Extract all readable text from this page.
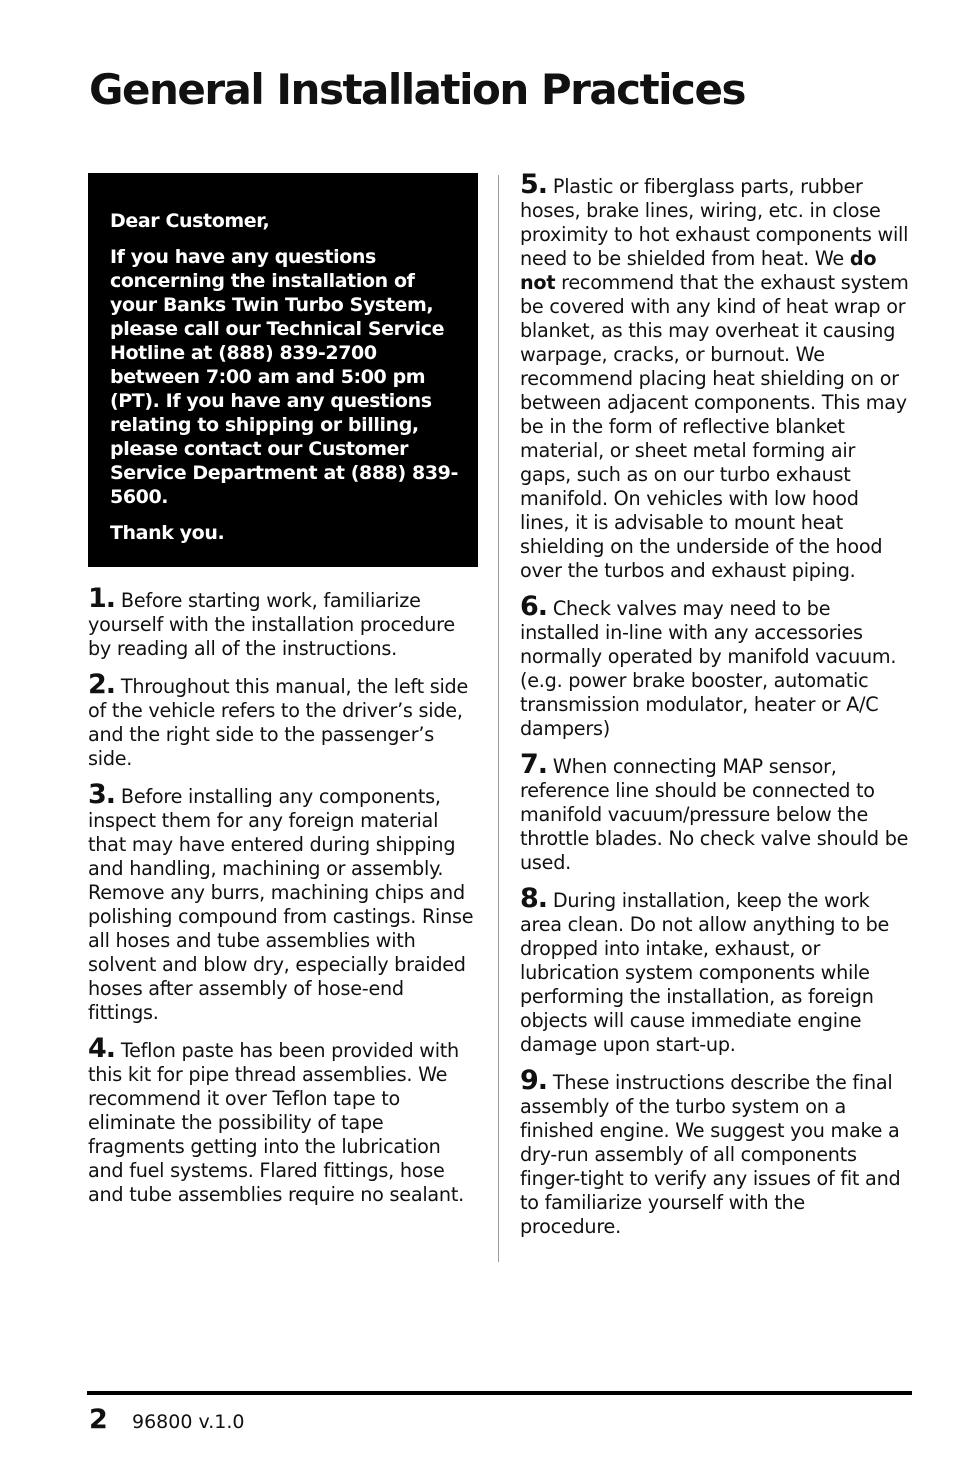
General Installation Practices

Dear Customer,

If you have any questions concerning the installation of your Banks Twin Turbo System, please call our Technical Service Hotline at (888) 839-2700 between 7:00 am and 5:00 pm (PT). If you have any questions relating to shipping or billing, please contact our Customer Service Department at (888) 839-5600.

Thank you.

1. Before starting work, familiarize yourself with the installation procedure by reading all of the instructions.

2. Throughout this manual, the left side of the vehicle refers to the driver’s side, and the right side to the passenger’s side.

3. Before installing any components, inspect them for any foreign material that may have entered during shipping and handling, machining or assembly. Remove any burrs, machining chips and polishing compound from castings. Rinse all hoses and tube assemblies with solvent and blow dry, especially braided hoses after assembly of hose-end fittings.

4. Teflon paste has been provided with this kit for pipe thread assemblies. We recommend it over Teflon tape to eliminate the possibility of tape fragments getting into the lubrication and fuel systems. Flared fittings, hose and tube assemblies require no sealant.

5. Plastic or fiberglass parts, rubber hoses, brake lines, wiring, etc. in close proximity to hot exhaust components will need to be shielded from heat. We do not recommend that the exhaust system be covered with any kind of heat wrap or blanket, as this may overheat it causing warpage, cracks, or burnout. We recommend placing heat shielding on or between adjacent components. This may be in the form of reflective blanket material, or sheet metal forming air gaps, such as on our turbo exhaust manifold. On vehicles with low hood lines, it is advisable to mount heat shielding on the underside of the hood over the turbos and exhaust piping.

6. Check valves may need to be installed in-line with any accessories normally operated by manifold vacuum. (e.g. power brake booster, automatic transmission modulator, heater or A/C dampers)

7. When connecting MAP sensor, reference line should be connected to manifold vacuum/pressure below the throttle blades. No check valve should be used.

8. During installation, keep the work area clean. Do not allow anything to be dropped into intake, exhaust, or lubrication system components while performing the installation, as foreign objects will cause immediate engine damage upon start-up.

9. These instructions describe the final assembly of the turbo system on a finished engine. We suggest you make a dry-run assembly of all components finger-tight to verify any issues of fit and to familiarize yourself with the procedure.

2 96800 v.1.0
